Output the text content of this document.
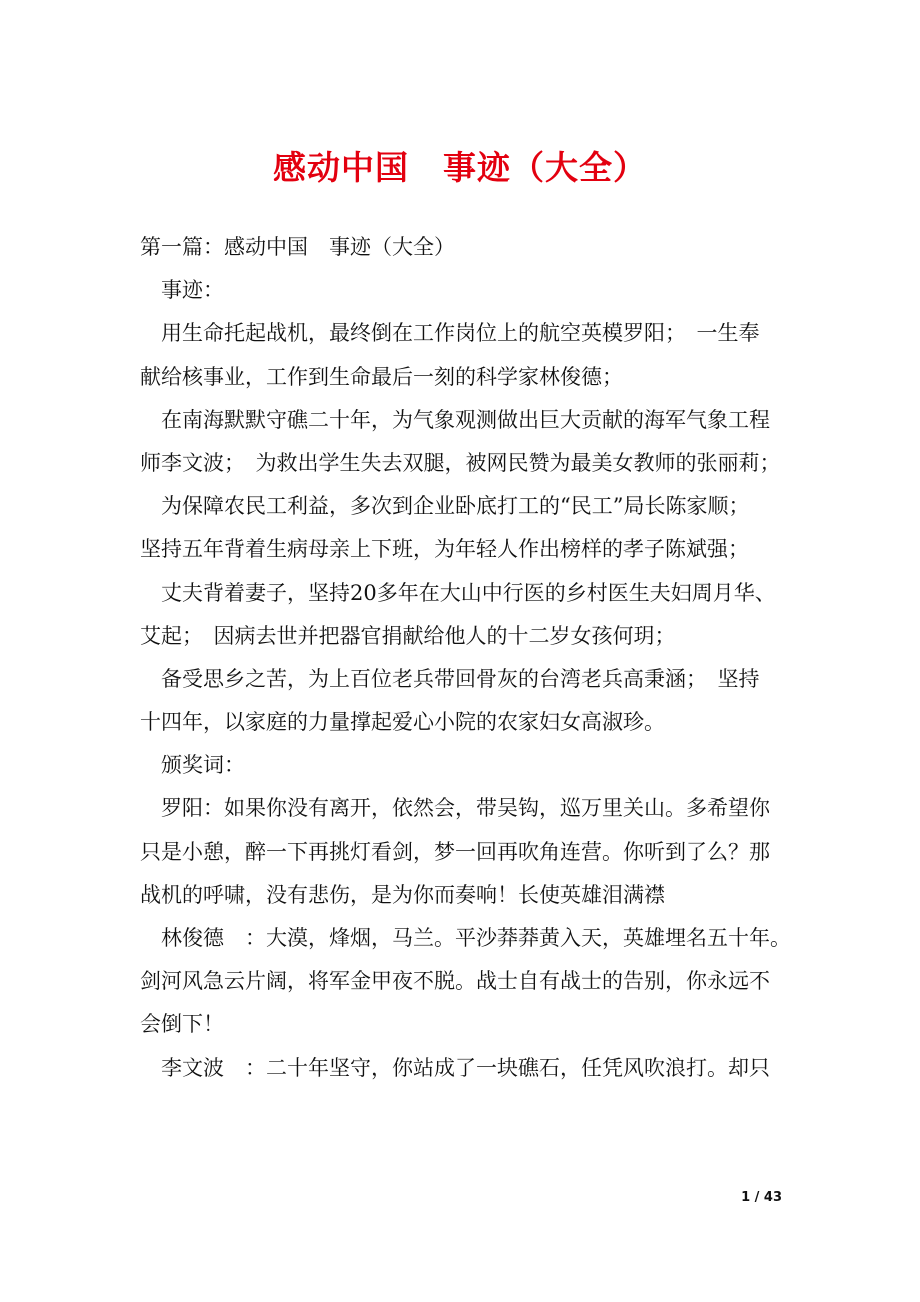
感动中国　事迹（大全）
第一篇：感动中国　事迹（大全）
事迹：
用生命托起战机，最终倒在工作岗位上的航空英模罗阳；　一生奉
献给核事业，工作到生命最后一刻的科学家林俊德；
在南海默默守礁二十年，为气象观测做出巨大贡献的海军气象工程
师李文波；　为救出学生失去双腿，被网民赞为最美女教师的张丽莉；
为保障农民工利益，多次到企业卧底打工的“民工”局长陈家顺；
坚持五年背着生病母亲上下班，为年轻人作出榜样的孝子陈斌强；
丈夫背着妻子，坚持20多年在大山中行医的乡村医生夫妇周月华、
艾起；　因病去世并把器官捐献给他人的十二岁女孩何玥；
备受思乡之苦，为上百位老兵带回骨灰的台湾老兵高秉涵；　坚持
十四年，以家庭的力量撑起爱心小院的农家妇女高淑珍。
颁奖词：
罗阳：如果你没有离开，依然会，带吴钩，巡万里关山。多希望你
只是小憩，醉一下再挑灯看剑，梦一回再吹角连营。你听到了么？那
战机的呼啸，没有悲伤，是为你而奏响！长使英雄泪满襟
林俊德　：大漠，烽烟，马兰。平沙莽莽黄入天，英雄埋名五十年。
剑河风急云片阔，将军金甲夜不脱。战士自有战士的告别，你永远不
会倒下！
李文波　：二十年坚守，你站成了一块礁石，任凭风吹浪打。却只
1 / 43
